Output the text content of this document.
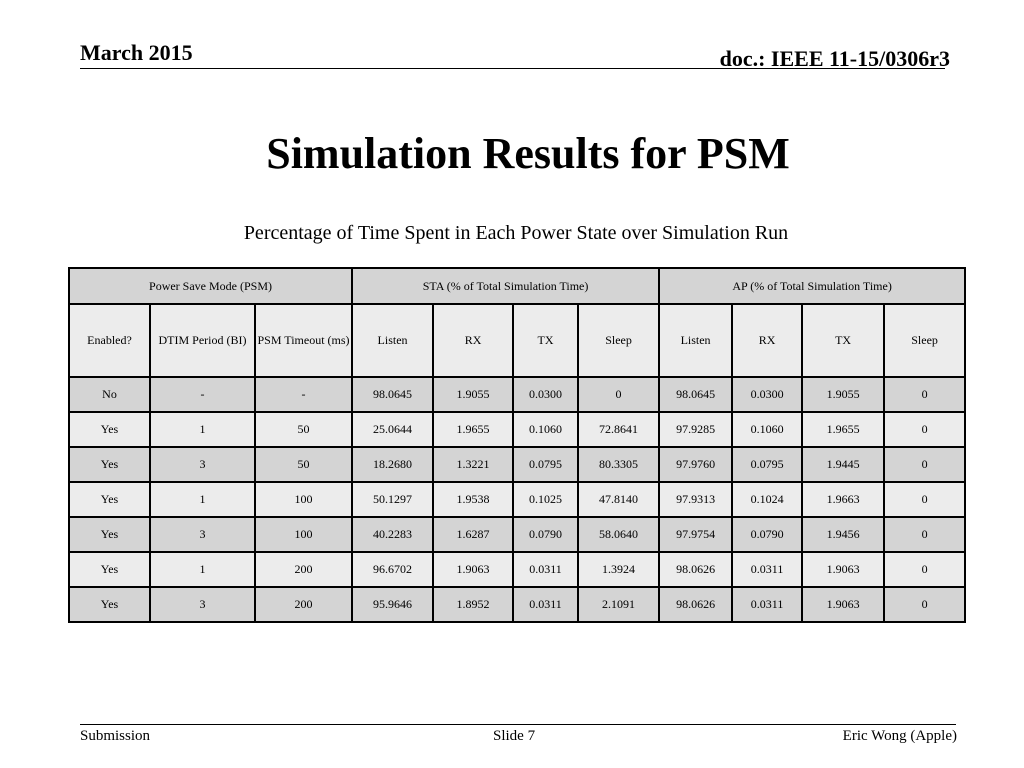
March 2015	doc.: IEEE 11-15/0306r3
Simulation Results for PSM
Percentage of Time Spent in Each Power State over Simulation Run
Power Save Mode (PSM)			STA (% of Total Simulation Time)				AP (% of Total Simulation Time)			
Enabled?	DTIM Period (BI)	PSM Timeout (ms)	Listen	RX	TX	Sleep	Listen	RX	TX	Sleep
No	-	-	98.0645	1.9055	0.0300	0	98.0645	0.0300	1.9055	0
Yes	1	50	25.0644	1.9655	0.1060	72.8641	97.9285	0.1060	1.9655	0
Yes	3	50	18.2680	1.3221	0.0795	80.3305	97.9760	0.0795	1.9445	0
Yes	1	100	50.1297	1.9538	0.1025	47.8140	97.9313	0.1024	1.9663	0
Yes	3	100	40.2283	1.6287	0.0790	58.0640	97.9754	0.0790	1.9456	0
Yes	1	200	96.6702	1.9063	0.0311	1.3924	98.0626	0.0311	1.9063	0
Yes	3	200	95.9646	1.8952	0.0311	2.1091	98.0626	0.0311	1.9063	0
Submission	Slide 7	Eric Wong (Apple)
